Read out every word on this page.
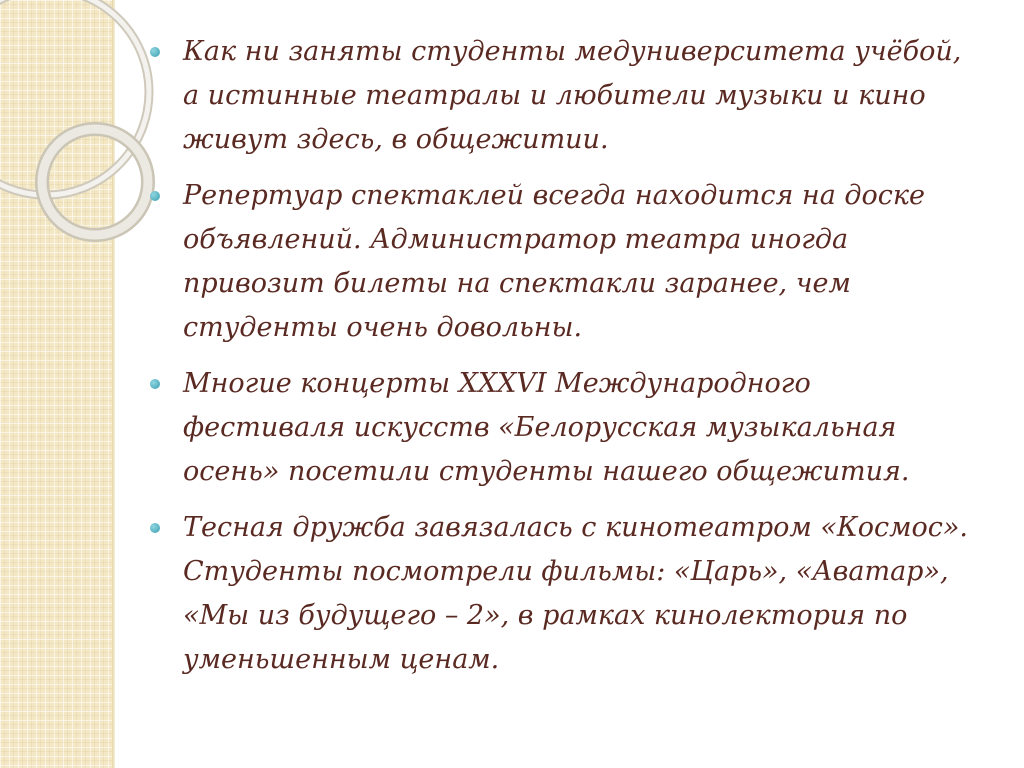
Как ни заняты студенты медуниверситета учёбой, а истинные театралы и любители музыки и кино живут здесь, в общежитии.
Репертуар спектаклей всегда находится на доске объявлений. Администратор театра иногда привозит билеты на спектакли заранее, чем студенты очень довольны.
Многие концерты XXXVI Международного фестиваля искусств «Белорусская музыкальная осень» посетили студенты нашего общежития.
Тесная дружба завязалась с кинотеатром «Космос». Студенты посмотрели фильмы: «Царь», «Аватар», «Мы из будущего – 2», в рамках кинолектория по уменьшенным ценам.
